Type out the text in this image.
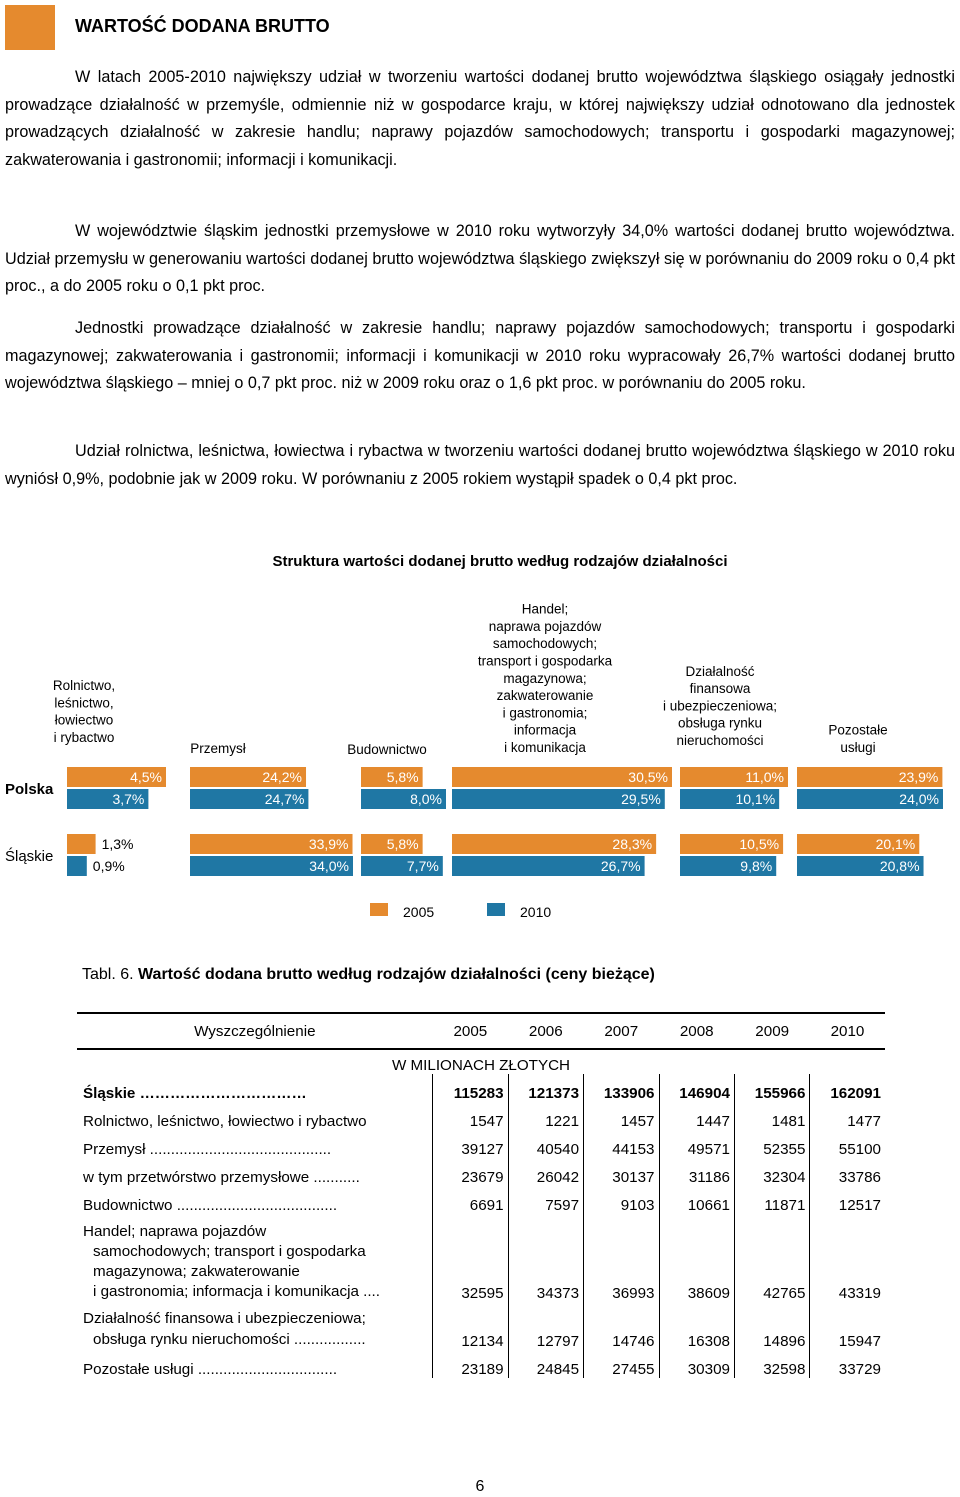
WARTOŚĆ DODANA BRUTTO

W latach 2005-2010 największy udział w tworzeniu wartości dodanej brutto województwa śląskiego osiągały jednostki prowadzące działalność w przemyśle, odmiennie niż w gospodarce kraju, w której największy udział odnotowano dla jednostek prowadzących działalność w zakresie handlu; naprawy pojazdów samochodowych; transportu i gospodarki magazynowej; zakwaterowania i gastronomii; informacji i komunikacji.

W województwie śląskim jednostki przemysłowe w 2010 roku wytworzyły 34,0% wartości dodanej brutto województwa. Udział przemysłu w generowaniu wartości dodanej brutto województwa śląskiego zwiększył się w porównaniu do 2009 roku o 0,4 pkt proc., a do 2005 roku o 0,1 pkt proc.

Jednostki prowadzące działalność w zakresie handlu; naprawy pojazdów samochodowych; transportu i gospodarki magazynowej; zakwaterowania i gastronomii; informacji i komunikacji w 2010 roku wypracowały 26,7% wartości dodanej brutto województwa śląskiego – mniej o 0,7 pkt proc. niż w 2009 roku oraz o 1,6 pkt proc. w porównaniu do 2005 roku.

Udział rolnictwa, leśnictwa, łowiectwa i rybactwa w tworzeniu wartości dodanej brutto województwa śląskiego w 2010 roku wyniósł 0,9%, podobnie jak w 2009 roku. W porównaniu z 2005 rokiem wystąpił spadek o 0,4 pkt proc.

Struktura wartości dodanej brutto według rodzajów działalności
Rolnictwo,
leśnictwo,
łowiectwo
i rybactwo
Przemysł	Budownictwo
Handel;
naprawa pojazdów
samochodowych;
transport i gospodarka
magazynowa;
zakwaterowanie
i gastronomia;
informacja
i komunikacja
Działalność
finansowa
i ubezpieczeniowa;
obsługa rynku
nieruchomości
Pozostałe
usługi
Polska
Śląskie
4,5%	24,2%	5,8%	30,5%	11,0%	23,9%
3,7%	24,7%	8,0%	29,5%	10,1%	24,0%
1,3%	33,9%	5,8%	28,3%	10,5%	20,1%
0,9%	34,0%	7,7%	26,7%	9,8%	20,8%
2005	2010
Tabl. 6. Wartość dodana brutto według rodzajów działalności (ceny bieżące)
Wyszczególnienie	2005	2006	2007	2008	2009	2010
W MILIONACH ZŁOTYCH						
Śląskie ……………………………	115283	121373	133906	146904	155966	162091
Rolnictwo, leśnictwo, łowiectwo i rybactwo	1547	1221	1457	1447	1481	1477
Przemysł ...........................................	39127	40540	44153	49571	52355	55100
w tym przetwórstwo przemysłowe ...........	23679	26042	30137	31186	32304	33786
Budownictwo ......................................	6691	7597	9103	10661	11871	12517
Handel; naprawa pojazdów

samochodowych; transport i gospodarka
magazynowa; zakwaterowanie
i gastronomia; informacja i komunikacja ....	32595	34373	36993	38609	42765	43319
Działalność finansowa i ubezpieczeniowa;

obsługa rynku nieruchomości .................	12134	12797	14746	16308	14896	15947
Pozostałe usługi .................................	23189	24845	27455	30309	32598	33729
6
